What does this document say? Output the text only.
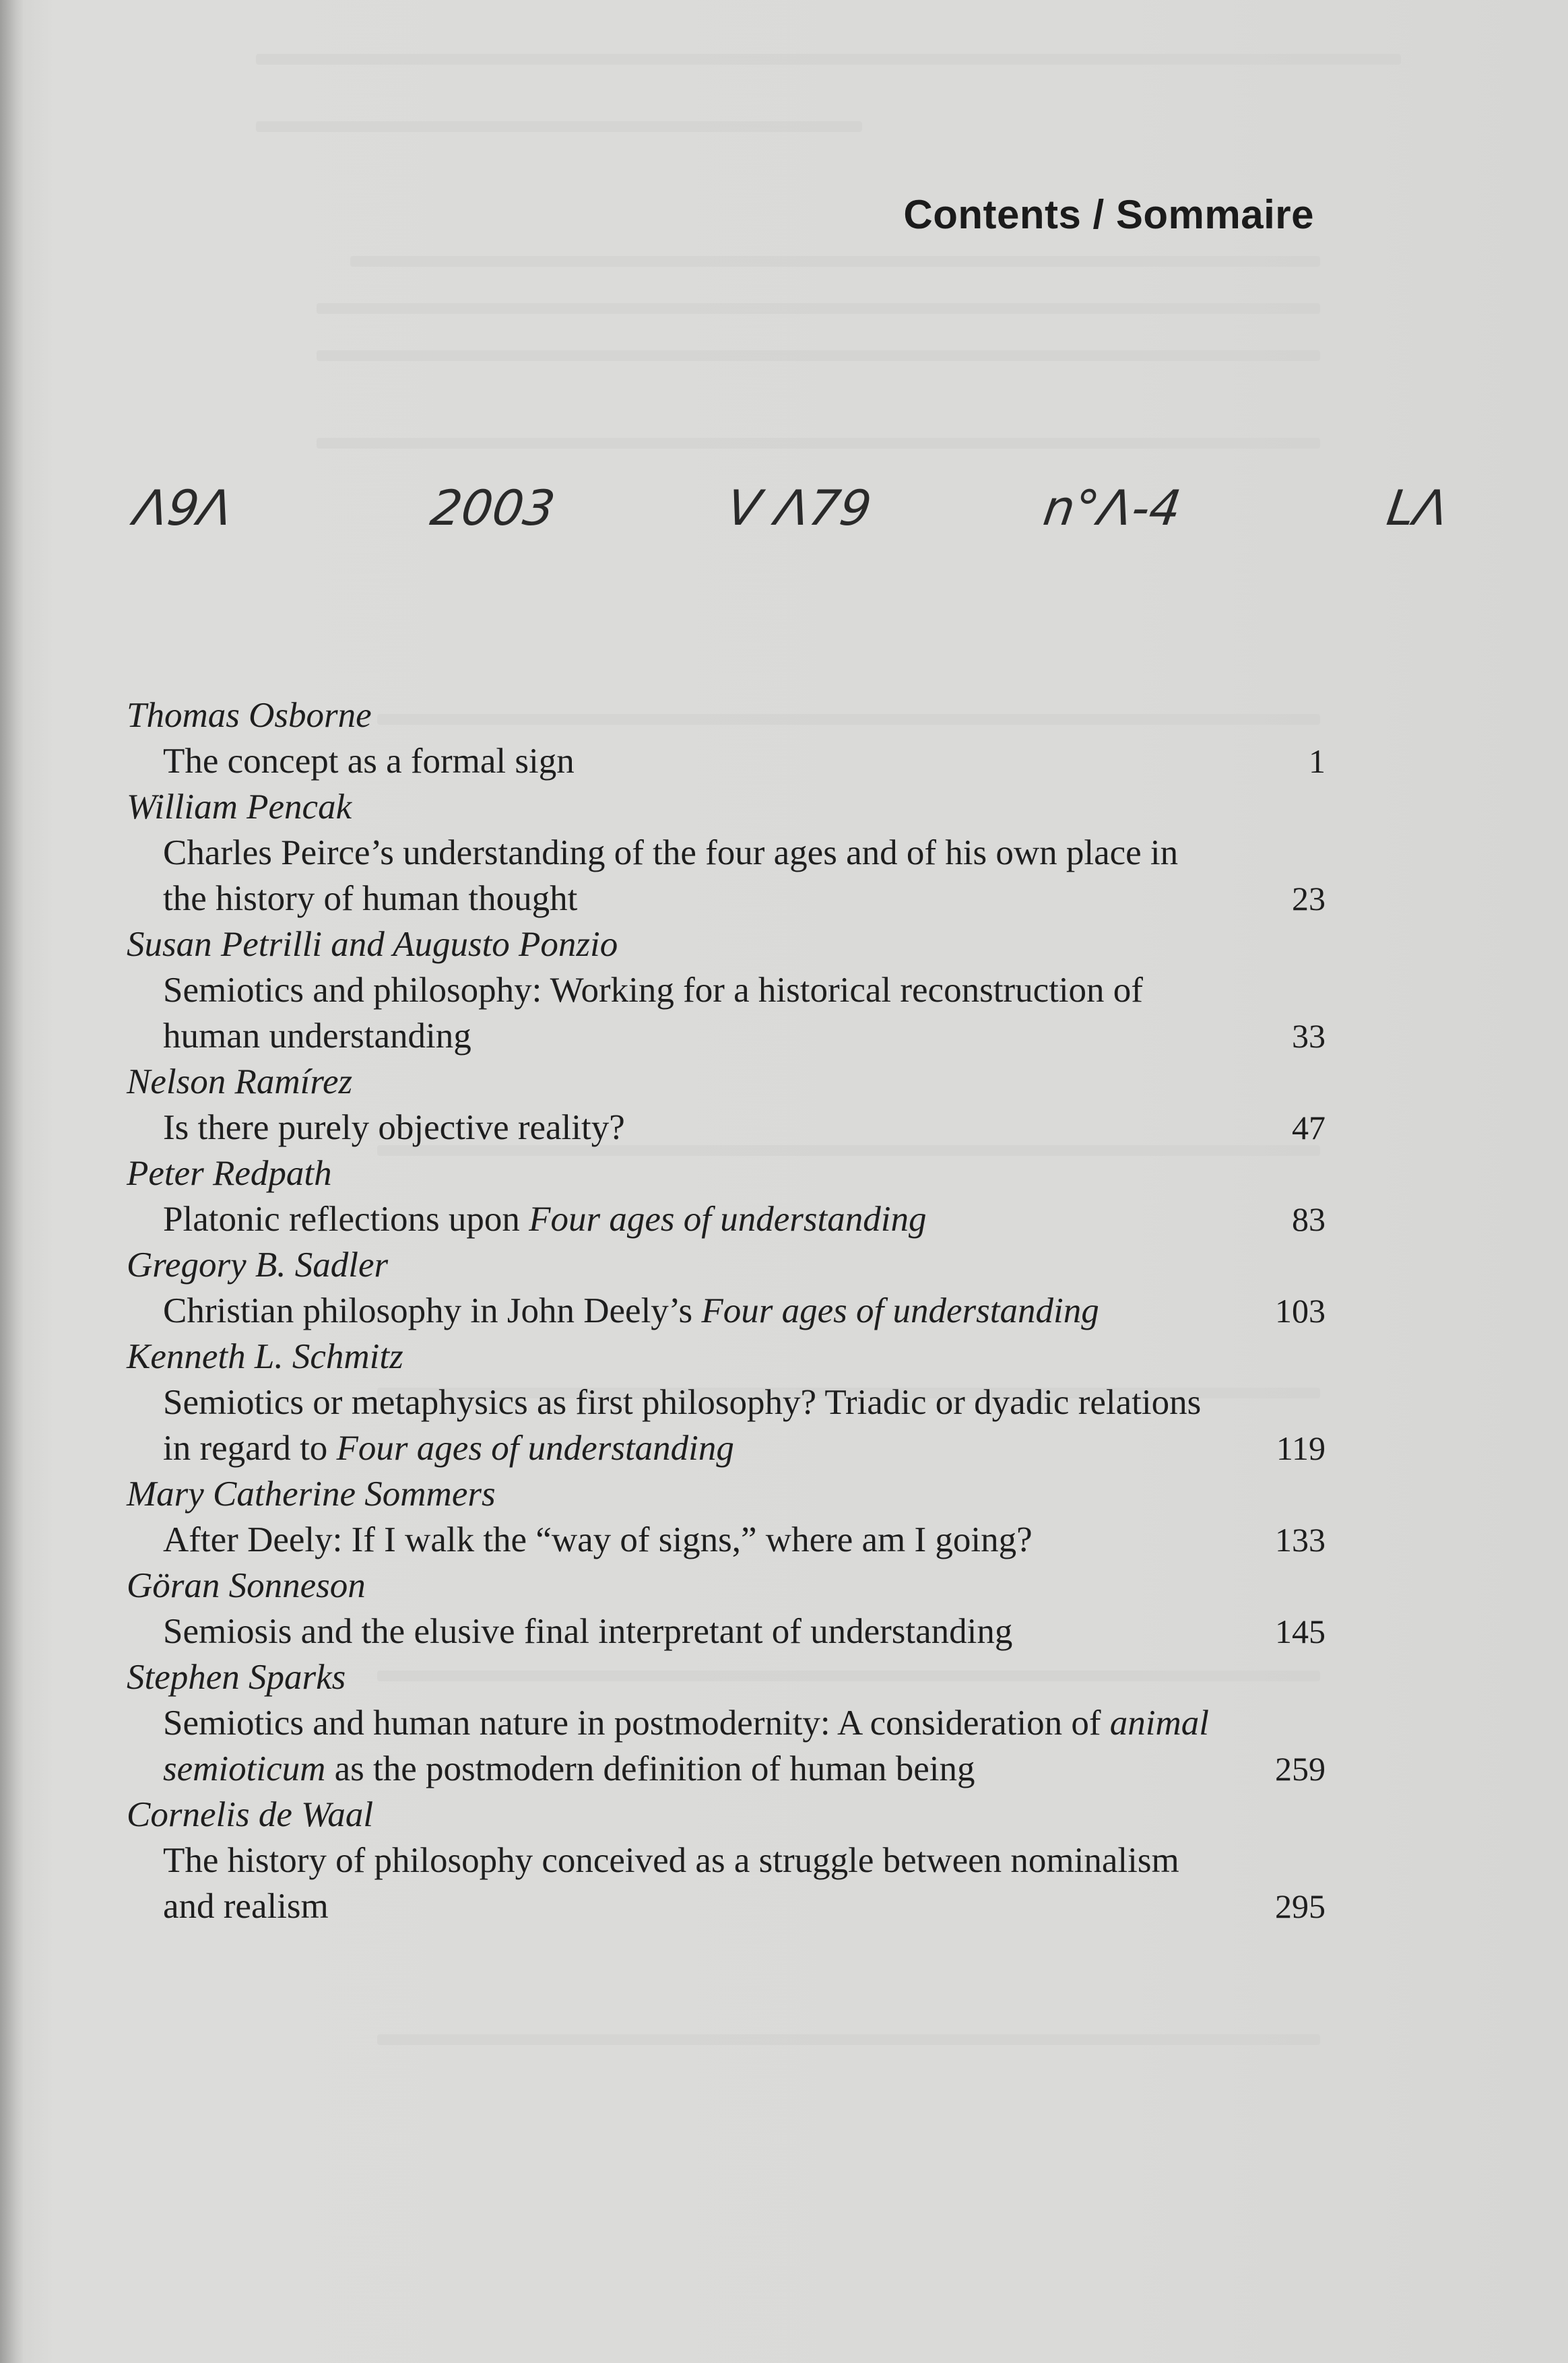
Contents / Sommaire
Λ9Λ	2003	V Λ79	n°Λ-4	LΛ
Thomas Osborne
The concept as a formal sign	1
William Pencak
Charles Peirce’s understanding of the four ages and of his own place in the history of human thought	23
Susan Petrilli and Augusto Ponzio
Semiotics and philosophy: Working for a historical reconstruction of human understanding	33
Nelson Ramírez
Is there purely objective reality?	47
Peter Redpath
Platonic reflections upon Four ages of understanding	83
Gregory B. Sadler
Christian philosophy in John Deely’s Four ages of understanding	103
Kenneth L. Schmitz
Semiotics or metaphysics as first philosophy? Triadic or dyadic relations in regard to Four ages of understanding	119
Mary Catherine Sommers
After Deely: If I walk the “way of signs,” where am I going?	133
Göran Sonneson
Semiosis and the elusive final interpretant of understanding	145
Stephen Sparks
Semiotics and human nature in postmodernity: A consideration of animal semioticum as the postmodern definition of human being	259
Cornelis de Waal
The history of philosophy conceived as a struggle between nominalism and realism	295
